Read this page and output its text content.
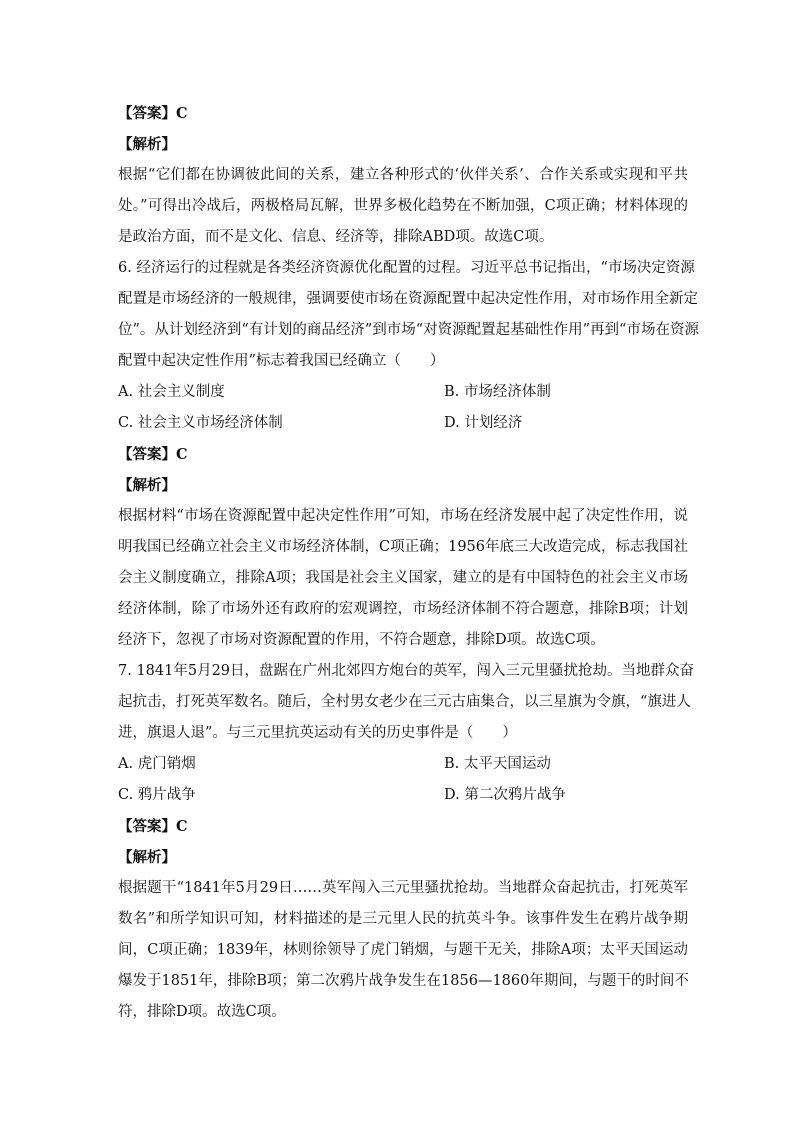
【答案】C
【解析】
根据“它们都在协调彼此间的关系，建立各种形式的‘伙伴关系’、合作关系或实现和平共
处。”可得出冷战后，两极格局瓦解，世界多极化趋势在不断加强，C项正确；材料体现的
是政治方面，而不是文化、信息、经济等，排除ABD项。故选C项。
6. 经济运行的过程就是各类经济资源优化配置的过程。习近平总书记指出，“市场决定资源
配置是市场经济的一般规律，强调要使市场在资源配置中起决定性作用，对市场作用全新定
位”。从计划经济到“有计划的商品经济”到市场“对资源配置起基础性作用”再到“市场在资源
配置中起决定性作用”标志着我国已经确立（　　）
A. 社会主义制度	B. 市场经济体制
C. 社会主义市场经济体制	D. 计划经济
【答案】C
【解析】
根据材料“市场在资源配置中起决定性作用”可知，市场在经济发展中起了决定性作用，说
明我国已经确立社会主义市场经济体制，C项正确；1956年底三大改造完成，标志我国社
会主义制度确立，排除A项；我国是社会主义国家，建立的是有中国特色的社会主义市场
经济体制，除了市场外还有政府的宏观调控，市场经济体制不符合题意，排除B项；计划
经济下，忽视了市场对资源配置的作用，不符合题意，排除D项。故选C项。
7. 1841年5月29日，盘踞在广州北郊四方炮台的英军，闯入三元里骚扰抢劫。当地群众奋
起抗击，打死英军数名。随后，全村男女老少在三元古庙集合，以三星旗为令旗，“旗进人
进，旗退人退”。与三元里抗英运动有关的历史事件是（　　）
A. 虎门销烟	B. 太平天国运动
C. 鸦片战争	D. 第二次鸦片战争
【答案】C
【解析】
根据题干“1841年5月29日……英军闯入三元里骚扰抢劫。当地群众奋起抗击，打死英军
数名”和所学知识可知，材料描述的是三元里人民的抗英斗争。该事件发生在鸦片战争期
间，C项正确；1839年，林则徐领导了虎门销烟，与题干无关，排除A项；太平天国运动
爆发于1851年，排除B项；第二次鸦片战争发生在1856—1860年期间，与题干的时间不
符，排除D项。故选C项。
